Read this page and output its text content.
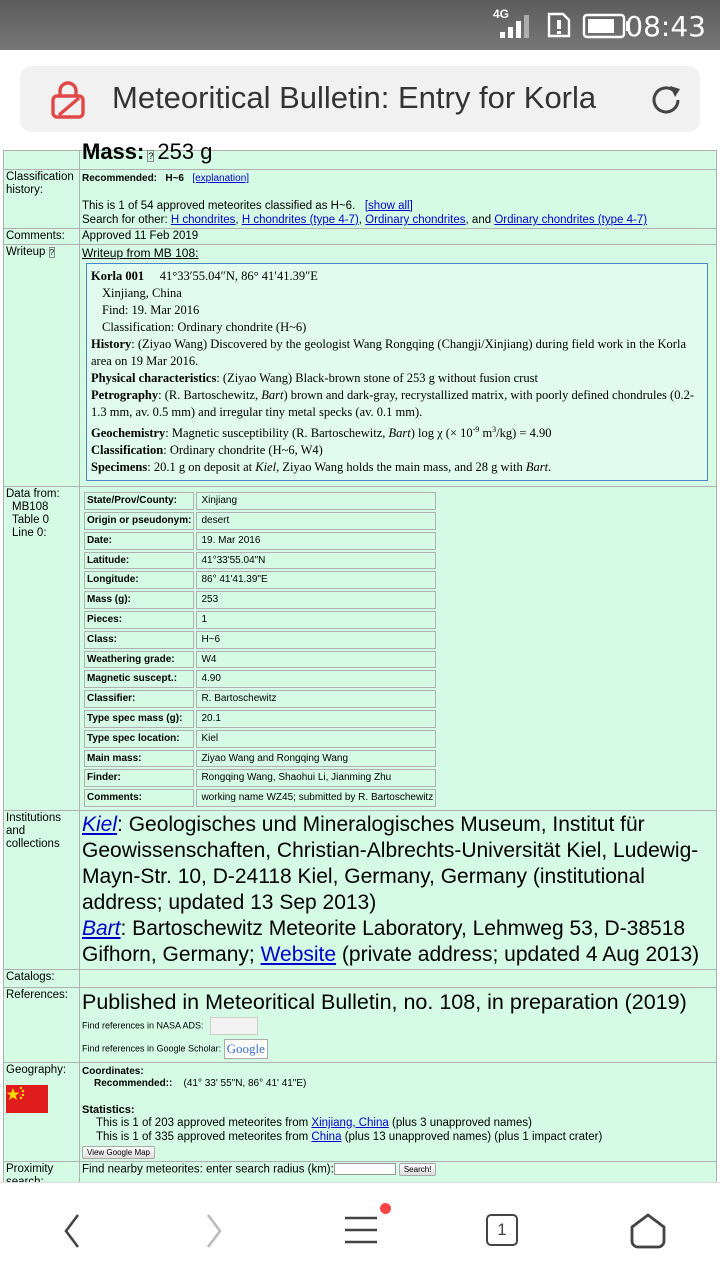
4G	08:43
Meteoritical Bulletin: Entry for Korla

Mass: ? 253 g

Classification history:	
Recommended: H~6 [explanation]
This is 1 of 54 approved meteorites classified as H~6. [show all]
Search for other: H chondrites, H chondrites (type 4-7), Ordinary chondrites, and Ordinary chondrites (type 4-7)

Comments:	Approved 11 Feb 2019
Writeup ?	Writeup from MB 108:
Korla 001 41°33′55.04″N, 86° 41′41.39″E
Xinjiang, China
Find: 19. Mar 2016
Classification: Ordinary chondrite (H~6)
History: (Ziyao Wang) Discovered by the geologist Wang Rongqing (Changji/Xinjiang) during field work in the Korla area on 19 Mar 2016.
Physical characteristics: (Ziyao Wang) Black-brown stone of 253 g without fusion crust
Petrography: (R. Bartoschewitz, Bart) brown and dark-gray, recrystallized matrix, with poorly defined chondrules (0.2-1.3 mm, av. 0.5 mm) and irregular tiny metal specks (av. 0.1 mm).
Geochemistry: Magnetic susceptibility (R. Bartoschewitz, Bart) log χ (× $10^{-9}$ $m^3/kg) = 4.90$
Classification: Ordinary chondrite (H~6, W4)
Specimens: 20.1 g on deposit at Kiel, Ziyao Wang holds the main mass, and 28 g with Bart.

Data from:
MB108
Table 0
Line 0:

State/Prov/County:	Xinjiang
Origin or pseudonym:	desert
Date:	19. Mar 2016
Latitude:	41°33'55.04"N
Longitude:	86° 41'41.39"E
Mass (g):	253
Pieces:	1
Class:	H~6
Weathering grade:	W4
Magnetic suscept.:	4.90
Classifier:	R. Bartoschewitz
Type spec mass (g):	20.1
Type spec location:	Kiel
Main mass:	Ziyao Wang and Rongqing Wang
Finder:	Rongqing Wang, Shaohui Li, Jianming Zhu
Comments:	working name WZ45; submitted by R. Bartoschewitz

Institutions and collections	
Kiel: Geologisches und Mineralogisches Museum, Institut für Geowissenschaften, Christian-Albrechts-Universität Kiel, Ludewig-Mayn-Str. 10, D-24118 Kiel, Germany, Germany (institutional address; updated 13 Sep 2013)
Bart: Bartoschewitz Meteorite Laboratory, Lehmweg 53, D-38518 Gifhorn, Germany; Website (private address; updated 4 Aug 2013)

Catalogs:	
References:	Published in Meteoritical Bulletin, no. 108, in preparation (2019)
Find references in NASA ADS:
Find references in Google Scholar: Google

Geography:	Coordinates:
Recommended:: (41° 33' 55"N, 86° 41' 41"E)
Statistics:
This is 1 of 203 approved meteorites from Xinjiang, China (plus 3 unapproved names)
This is 1 of 335 approved meteorites from China (plus 13 unapproved names) (plus 1 impact crater)
View Google Map

Proximity	Find nearby meteorites: enter search radius (km):	Search!

1
